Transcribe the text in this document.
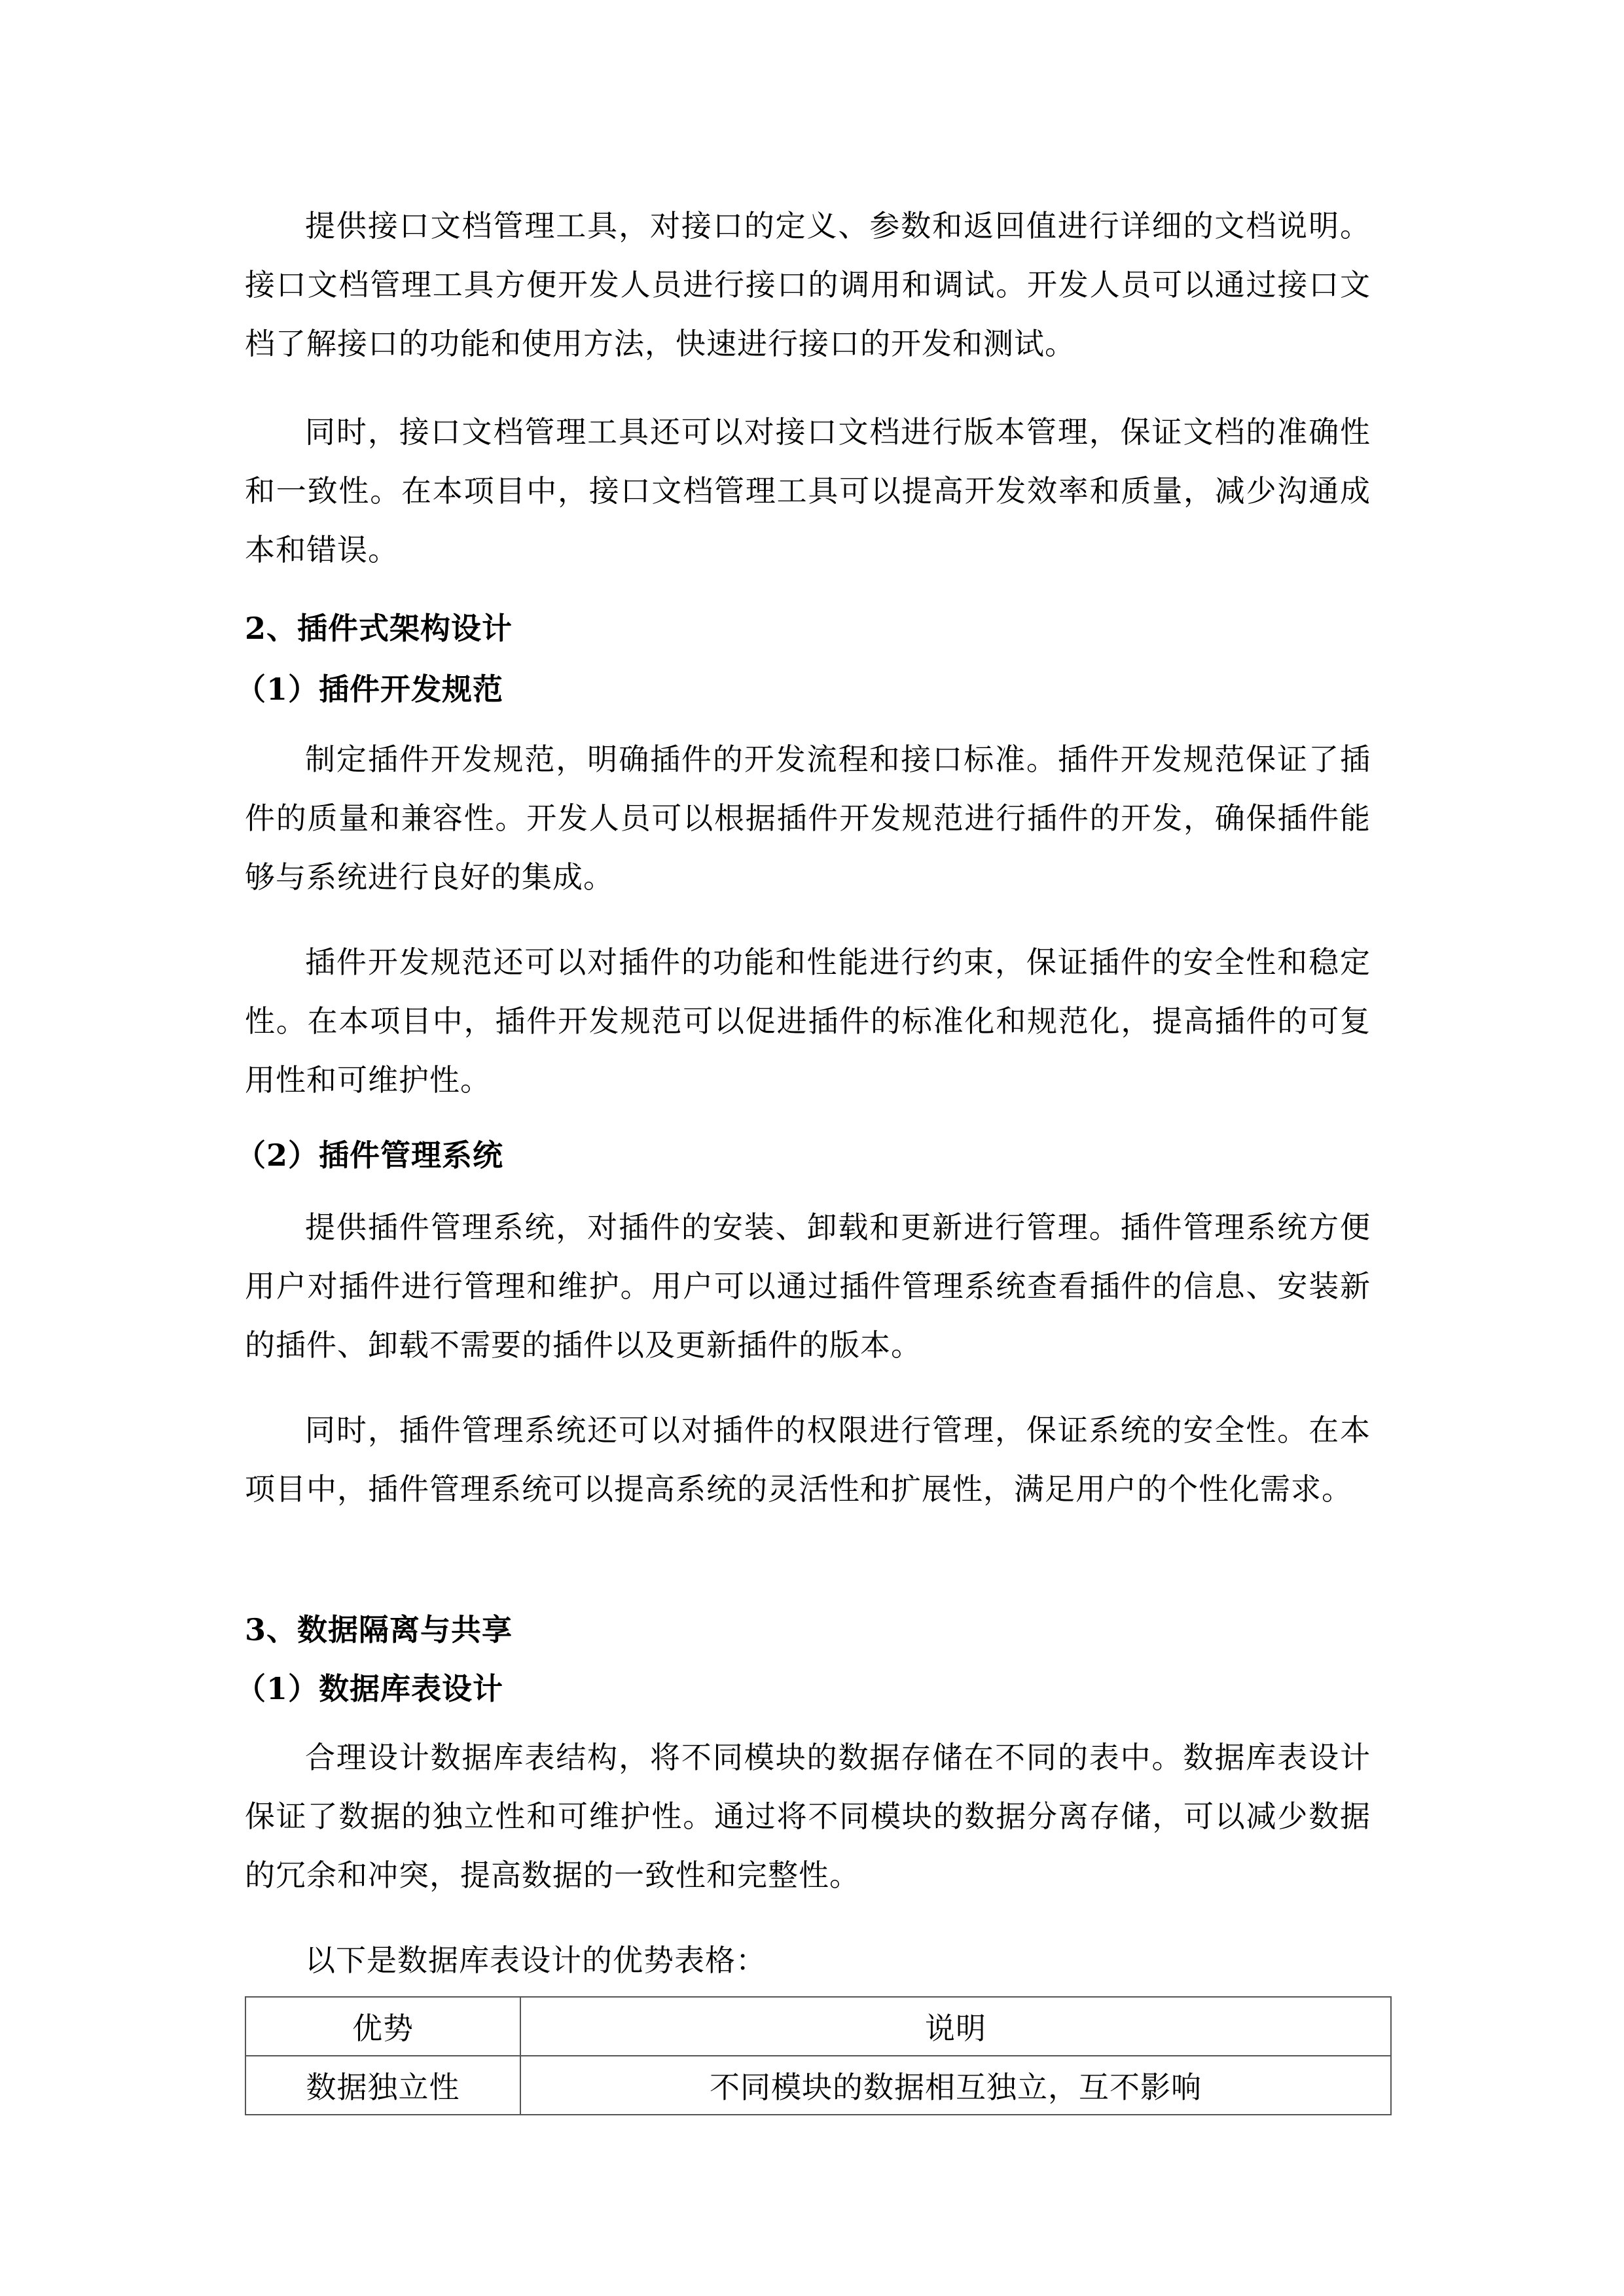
提供接口文档管理工具，对接口的定义、参数和返回值进行详细的文档说明。接口文档管理工具方便开发人员进行接口的调用和调试。开发人员可以通过接口文档了解接口的功能和使用方法，快速进行接口的开发和测试。

同时，接口文档管理工具还可以对接口文档进行版本管理，保证文档的准确性和一致性。在本项目中，接口文档管理工具可以提高开发效率和质量，减少沟通成本和错误。

2、插件式架构设计
（1）插件开发规范

制定插件开发规范，明确插件的开发流程和接口标准。插件开发规范保证了插件的质量和兼容性。开发人员可以根据插件开发规范进行插件的开发，确保插件能够与系统进行良好的集成。

插件开发规范还可以对插件的功能和性能进行约束，保证插件的安全性和稳定性。在本项目中，插件开发规范可以促进插件的标准化和规范化，提高插件的可复用性和可维护性。

（2）插件管理系统

提供插件管理系统，对插件的安装、卸载和更新进行管理。插件管理系统方便用户对插件进行管理和维护。用户可以通过插件管理系统查看插件的信息、安装新的插件、卸载不需要的插件以及更新插件的版本。

同时，插件管理系统还可以对插件的权限进行管理，保证系统的安全性。在本项目中，插件管理系统可以提高系统的灵活性和扩展性，满足用户的个性化需求。

3、数据隔离与共享
（1）数据库表设计

合理设计数据库表结构，将不同模块的数据存储在不同的表中。数据库表设计保证了数据的独立性和可维护性。通过将不同模块的数据分离存储，可以减少数据的冗余和冲突，提高数据的一致性和完整性。

以下是数据库表设计的优势表格：

优势	说明
数据独立性	不同模块的数据相互独立，互不影响
